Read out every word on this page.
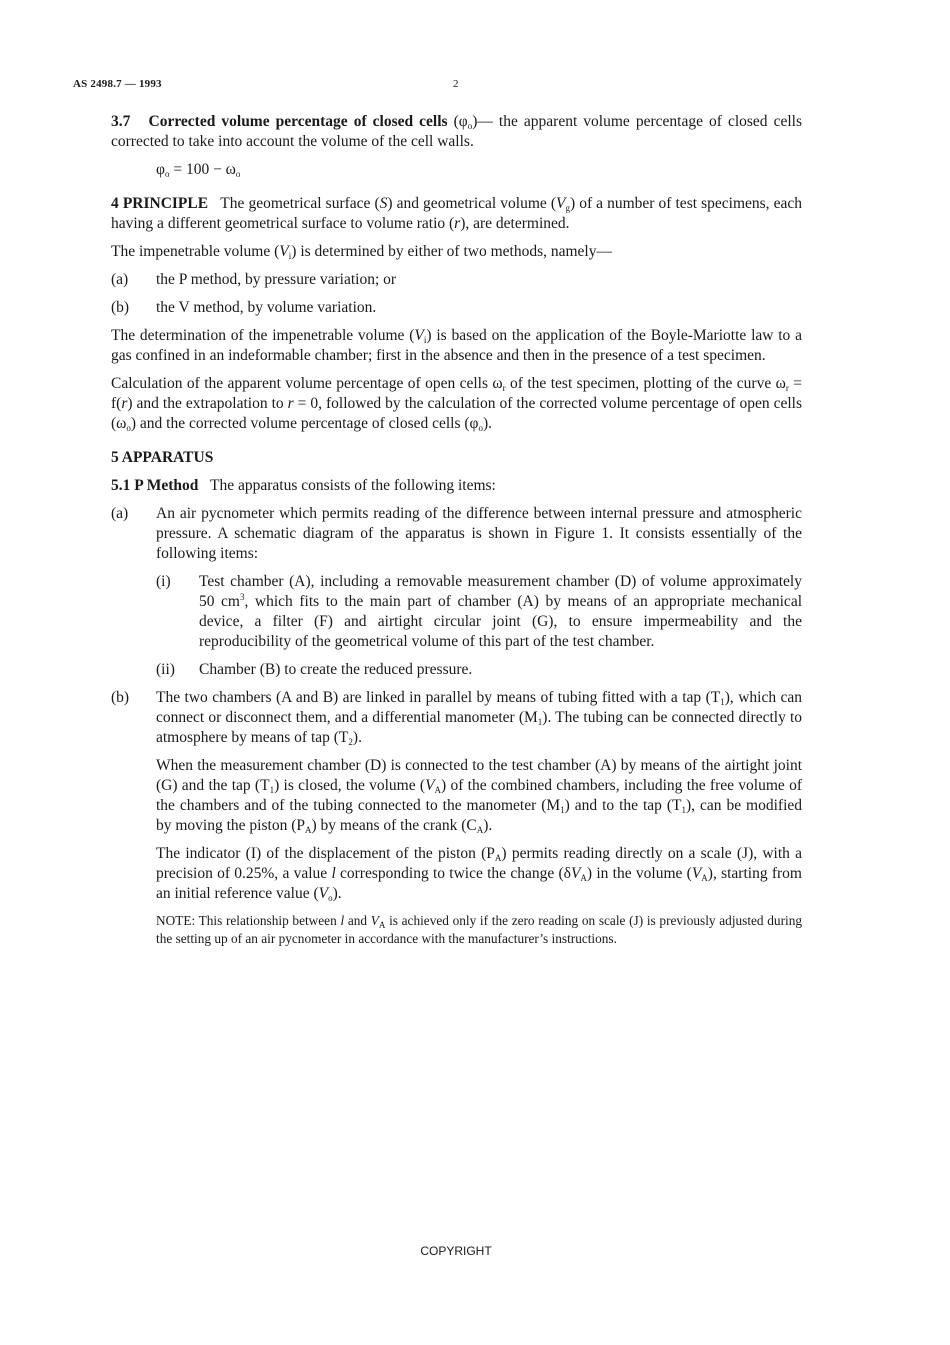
AS 2498.7 — 1993	2

3.7 Corrected volume percentage of closed cells $(\varphi_o)—$ the apparent volume percentage of closed cells corrected to take into account the volume of the cell walls.

$\varphi_o = 100 - \omega_o$

4 PRINCIPLE The geometrical surface (S) and geometrical volume $(V_g)$ of a number of test specimens, each having a different geometrical surface to volume ratio (r), are determined.

The impenetrable volume $(V_i)$ is determined by either of two methods, namely—

(a) the P method, by pressure variation; or
(b) the V method, by volume variation.

The determination of the impenetrable volume $(V_i)$ is based on the application of the Boyle-Mariotte law to a gas confined in an indeformable chamber; first in the absence and then in the presence of a test specimen.

Calculation of the apparent volume percentage of open cells $\omega_r$ of the test specimen, plotting of the curve $\omega_r = f(r)$ and the extrapolation to r = 0, followed by the calculation of the corrected volume percentage of open cells $(\omega_o)$ and the corrected volume percentage of closed cells $(\varphi_o)$.

5 APPARATUS

5.1 P Method The apparatus consists of the following items:

(a) An air pycnometer which permits reading of the difference between internal pressure and atmospheric pressure. A schematic diagram of the apparatus is shown in Figure 1. It consists essentially of the following items:
(i) Test chamber (A), including a removable measurement chamber (D) of volume approximately 50 $cm^3$, which fits to the main part of chamber (A) by means of an appropriate mechanical device, a filter (F) and airtight circular joint (G), to ensure impermeability and the reproducibility of the geometrical volume of this part of the test chamber.
(ii) Chamber (B) to create the reduced pressure.
(b) The two chambers (A and B) are linked in parallel by means of tubing fitted with a tap $(T_1)$, which can connect or disconnect them, and a differential manometer $(M_1)$. The tubing can be connected directly to atmosphere by means of tap $(T_2)$.

When the measurement chamber (D) is connected to the test chamber (A) by means of the airtight joint (G) and the tap $(T_1)$ is closed, the volume $(V_A)$ of the combined chambers, including the free volume of the chambers and of the tubing connected to the manometer $(M_1)$ and to the tap $(T_1)$, can be modified by moving the piston $(P_A)$ by means of the crank $(C_A)$.

The indicator (I) of the displacement of the piston $(P_A)$ permits reading directly on a scale (J), with a precision of 0.25%, a value l corresponding to twice the change $(\delta V_A)$ in the volume $(V_A)$, starting from an initial reference value $(V_o)$.

NOTE: This relationship between l and $V_A$ is achieved only if the zero reading on scale (J) is previously adjusted during the setting up of an air pycnometer in accordance with the manufacturer’s instructions.

COPYRIGHT
